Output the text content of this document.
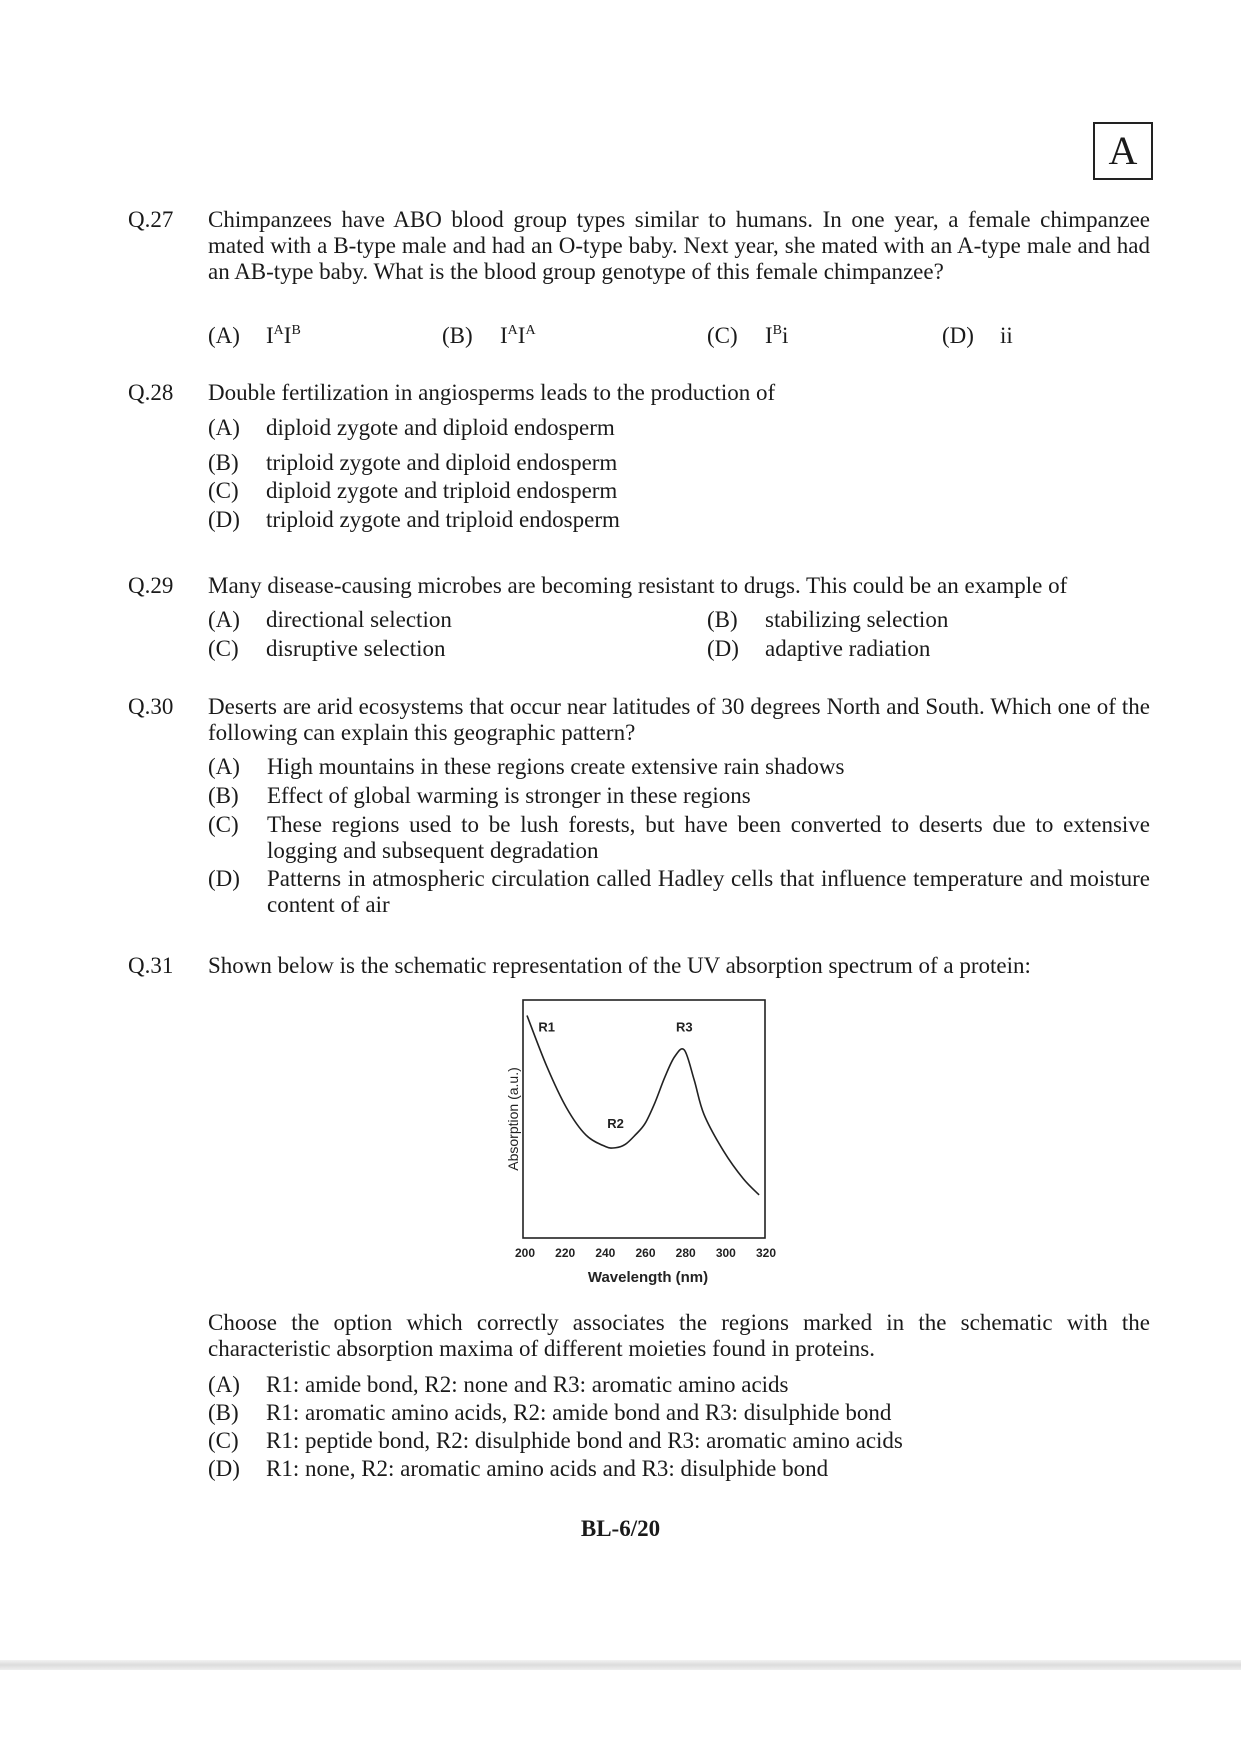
A
Q.27 Chimpanzees have ABO blood group types similar to humans. In one year, a female chimpanzee mated with a B-type male and had an O-type baby. Next year, she mated with an A-type male and had an AB-type baby. What is the blood group genotype of this female chimpanzee?

(A) $I^AI^B$	(B) $I^AI^A$	(C) $I^Bi$	(D) ii
Q.28 Double fertilization in angiosperms leads to the production of

(A) diploid zygote and diploid endosperm
(B) triploid zygote and diploid endosperm
(C) diploid zygote and triploid endosperm
(D) triploid zygote and triploid endosperm
Q.29 Many disease-causing microbes are becoming resistant to drugs. This could be an example of

(A) directional selection	(B) stabilizing selection
(C) disruptive selection	(D) adaptive radiation
Q.30 Deserts are arid ecosystems that occur near latitudes of 30 degrees North and South. Which one of the following can explain this geographic pattern?

(A) High mountains in these regions create extensive rain shadows
(B) Effect of global warming is stronger in these regions
(C) These regions used to be lush forests, but have been converted to deserts due to extensive logging and subsequent degradation
(D) Patterns in atmospheric circulation called Hadley cells that influence temperature and moisture content of air
Q.31 Shown below is the schematic representation of the UV absorption spectrum of a protein:

Absorption (a.u.)
Wavelength (nm)
200 220 240 260 280 300 320
R1
R2
R3

Choose the option which correctly associates the regions marked in the schematic with the characteristic absorption maxima of different moieties found in proteins.

(A) R1: amide bond, R2: none and R3: aromatic amino acids
(B) R1: aromatic amino acids, R2: amide bond and R3: disulphide bond
(C) R1: peptide bond, R2: disulphide bond and R3: aromatic amino acids
(D) R1: none, R2: aromatic amino acids and R3: disulphide bond
BL-6/20
